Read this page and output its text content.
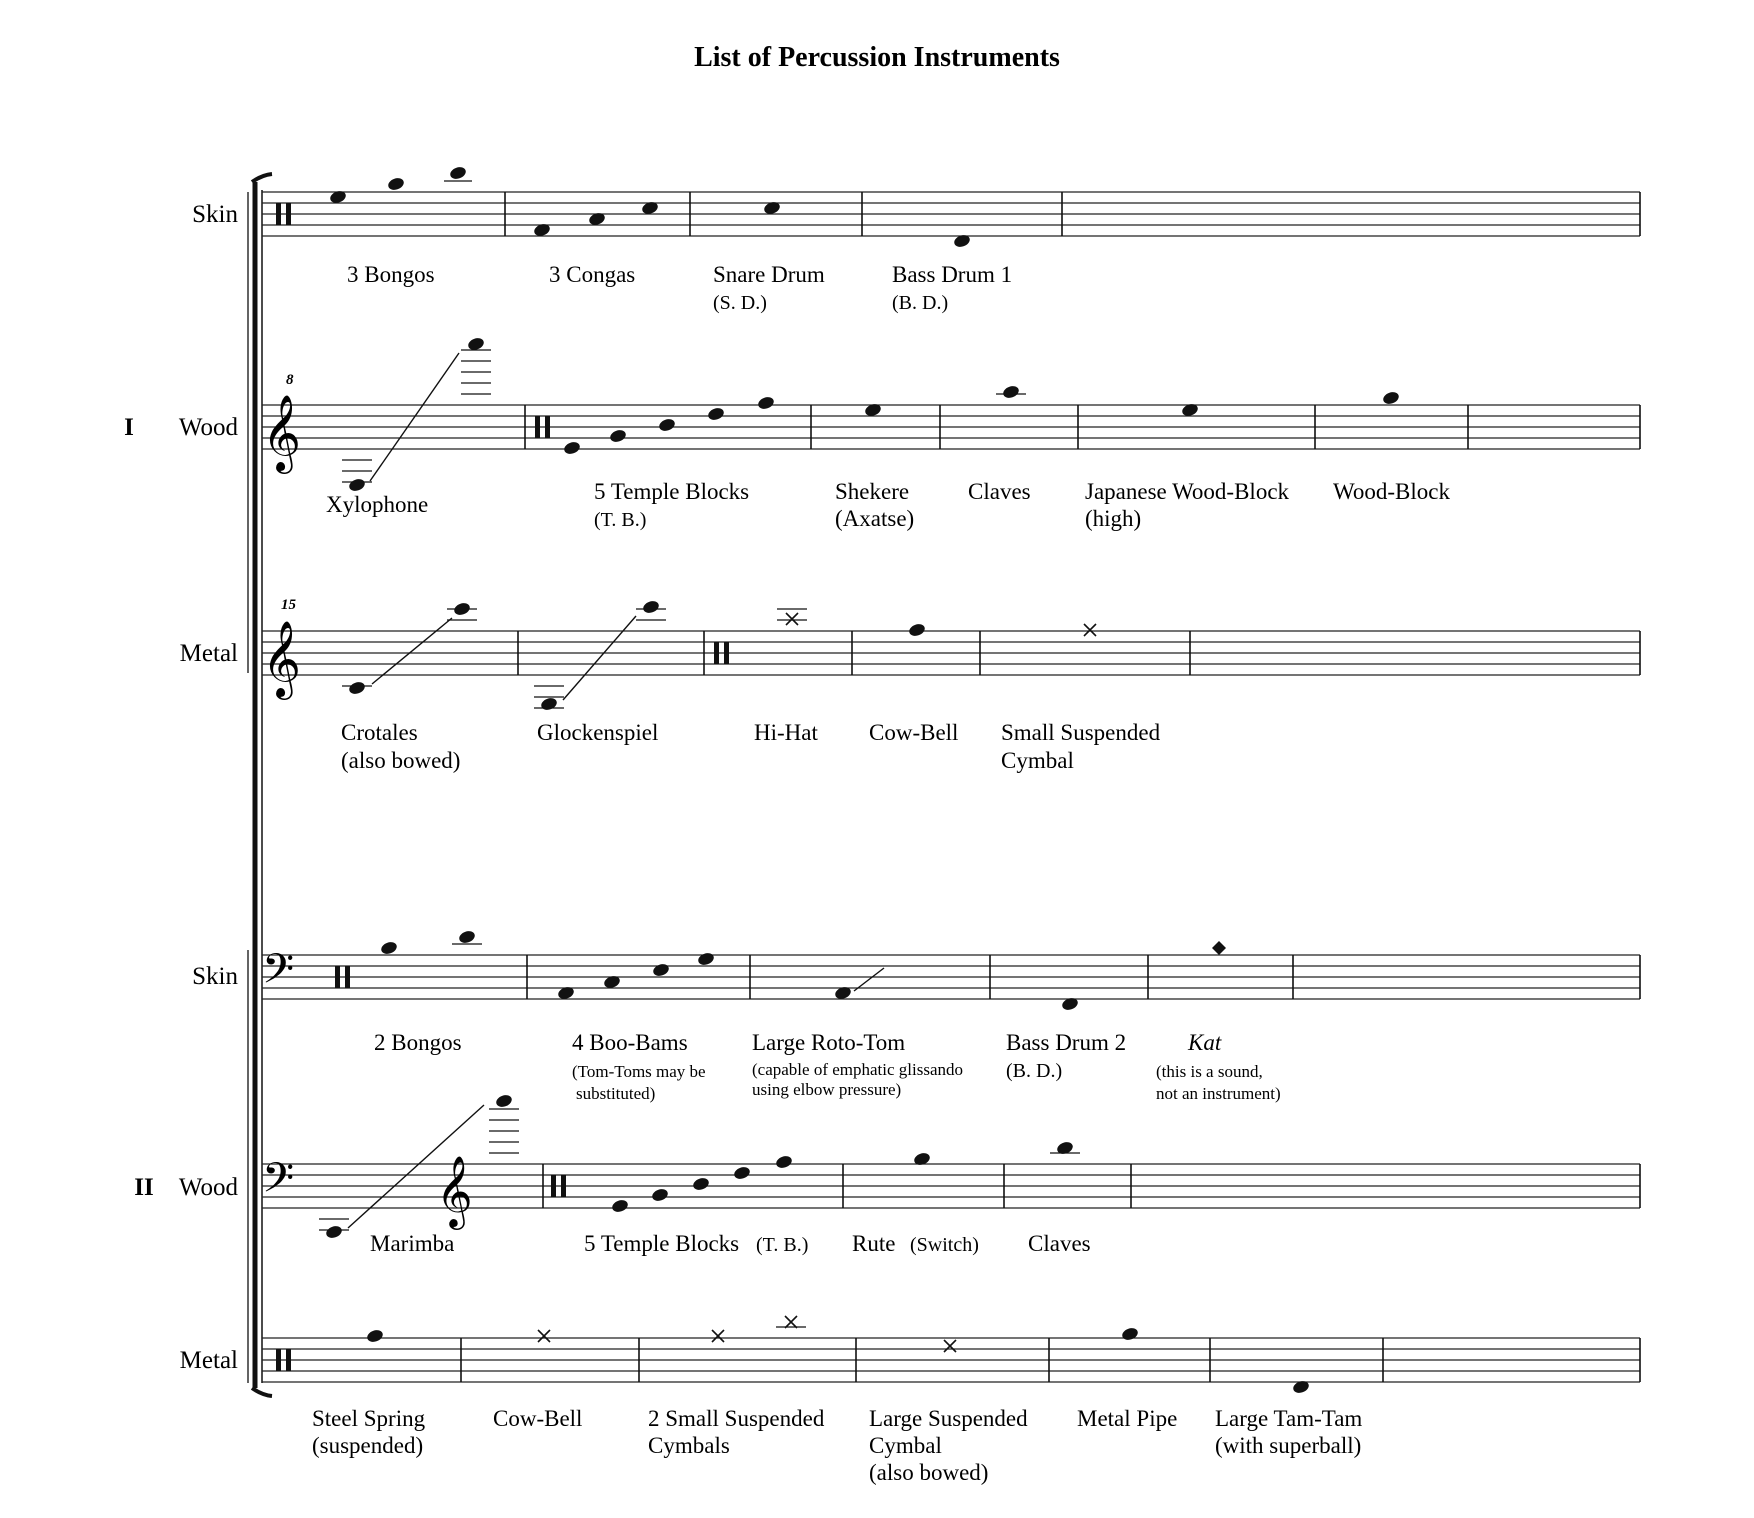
List of Percussion Instruments
I
II
Skin
3 Bongos	3 Congas	Snare Drum
(S. D.)
Bass Drum 1
(B. D.)
Wood 𝄞
8
Xylophone
5 Temple Blocks
(T. B.)
Shekere
(Axatse)
Claves Japanese Wood-Block
(high)
Wood-Block
Metal 𝄞
15
Crotales
(also bowed)
Glockenspiel	Hi-Hat Cow-Bell Small Suspended
Cymbal
Skin 𝄢
2 Bongos	4 Boo-Bams
(Tom-Toms may be
substituted)
Large Roto-Tom
(capable of emphatic glissando
using elbow pressure)
Bass Drum 2
(B. D.)
Kat
(this is a sound,
not an instrument)
Wood 𝄢 𝄞
Marimba	5 Temple Blocks (T. B.) Rute (Switch) Claves
Metal
Steel Spring
(suspended)
Cow-Bell	2 Small Suspended
Cymbals
Large Suspended
Cymbal
(also bowed)
Metal Pipe Large Tam-Tam
(with superball)
